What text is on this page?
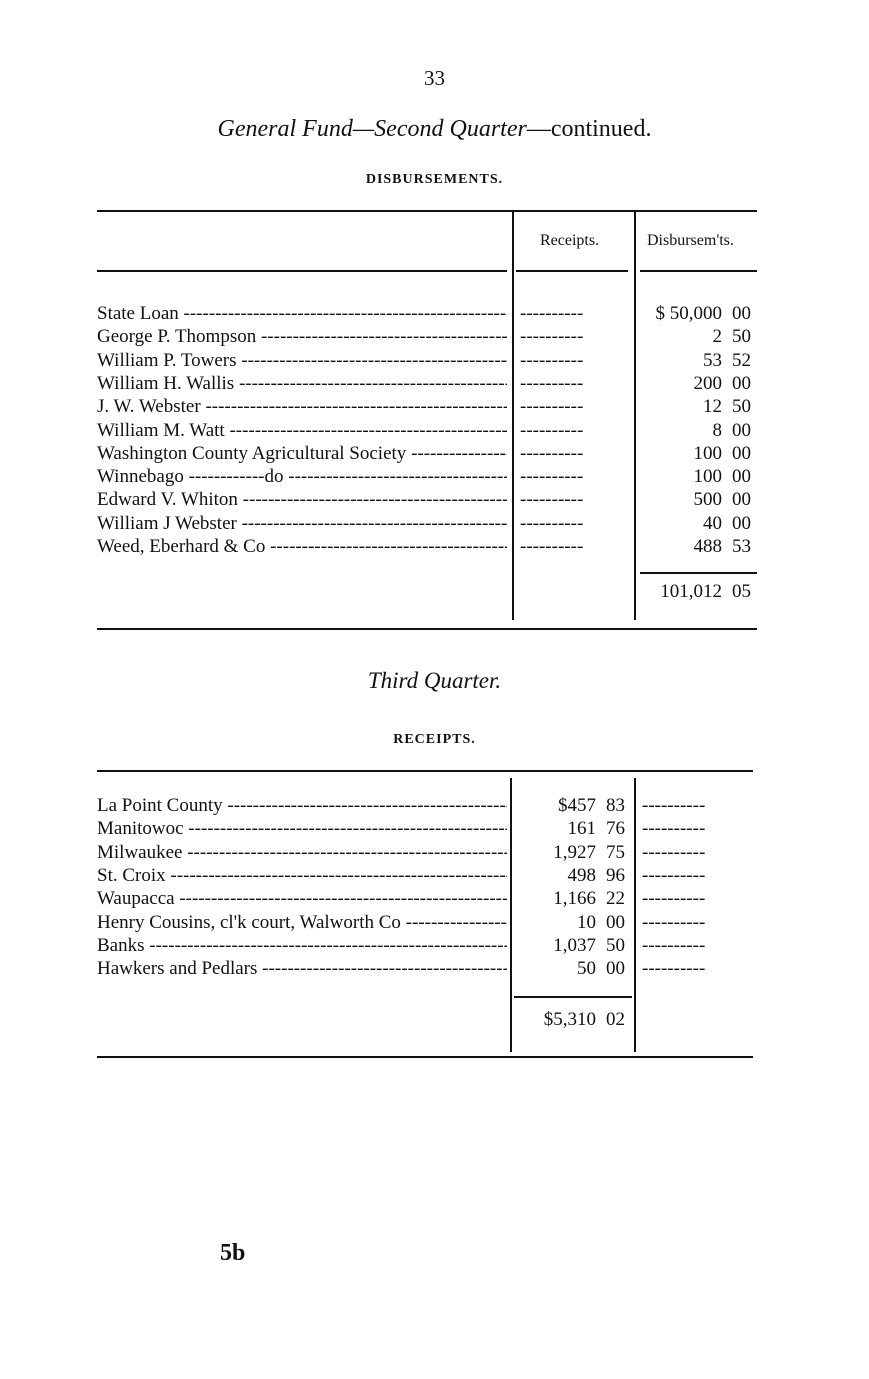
33
General Fund—Second Quarter—continued.
DISBURSEMENTS.
Receipts.	Disbursem'ts.
State Loan -----	----------	$ 50,000 00
George P. Thompson -----	----------	2 50
William P. Towers -----	----------	53 52
William H. Wallis -----	----------	200 00
J. W. Webster -----	----------	12 50
William M. Watt -----	----------	8 00
Washington County Agricultural Society -----	----------	100 00
Winnebago ------------do -----	----------	100 00
Edward V. Whiton -----	----------	500 00
William J Webster -----	----------	40 00
Weed, Eberhard & Co -----	----------	488 53
101,012 05
Third Quarter.
RECEIPTS.
La Point County -----	$457 83 ----------
Manitowoc -----	161 76 ----------
Milwaukee -----	1,927 75 ----------
St. Croix -----	498 96 ----------
Waupacca -----	1,166 22 ----------
Henry Cousins, cl'k court, Walworth Co -----	10 00 ----------
Banks -----	1,037 50 ----------
Hawkers and Pedlars -----	50 00 ----------
$5,310 02
5b
